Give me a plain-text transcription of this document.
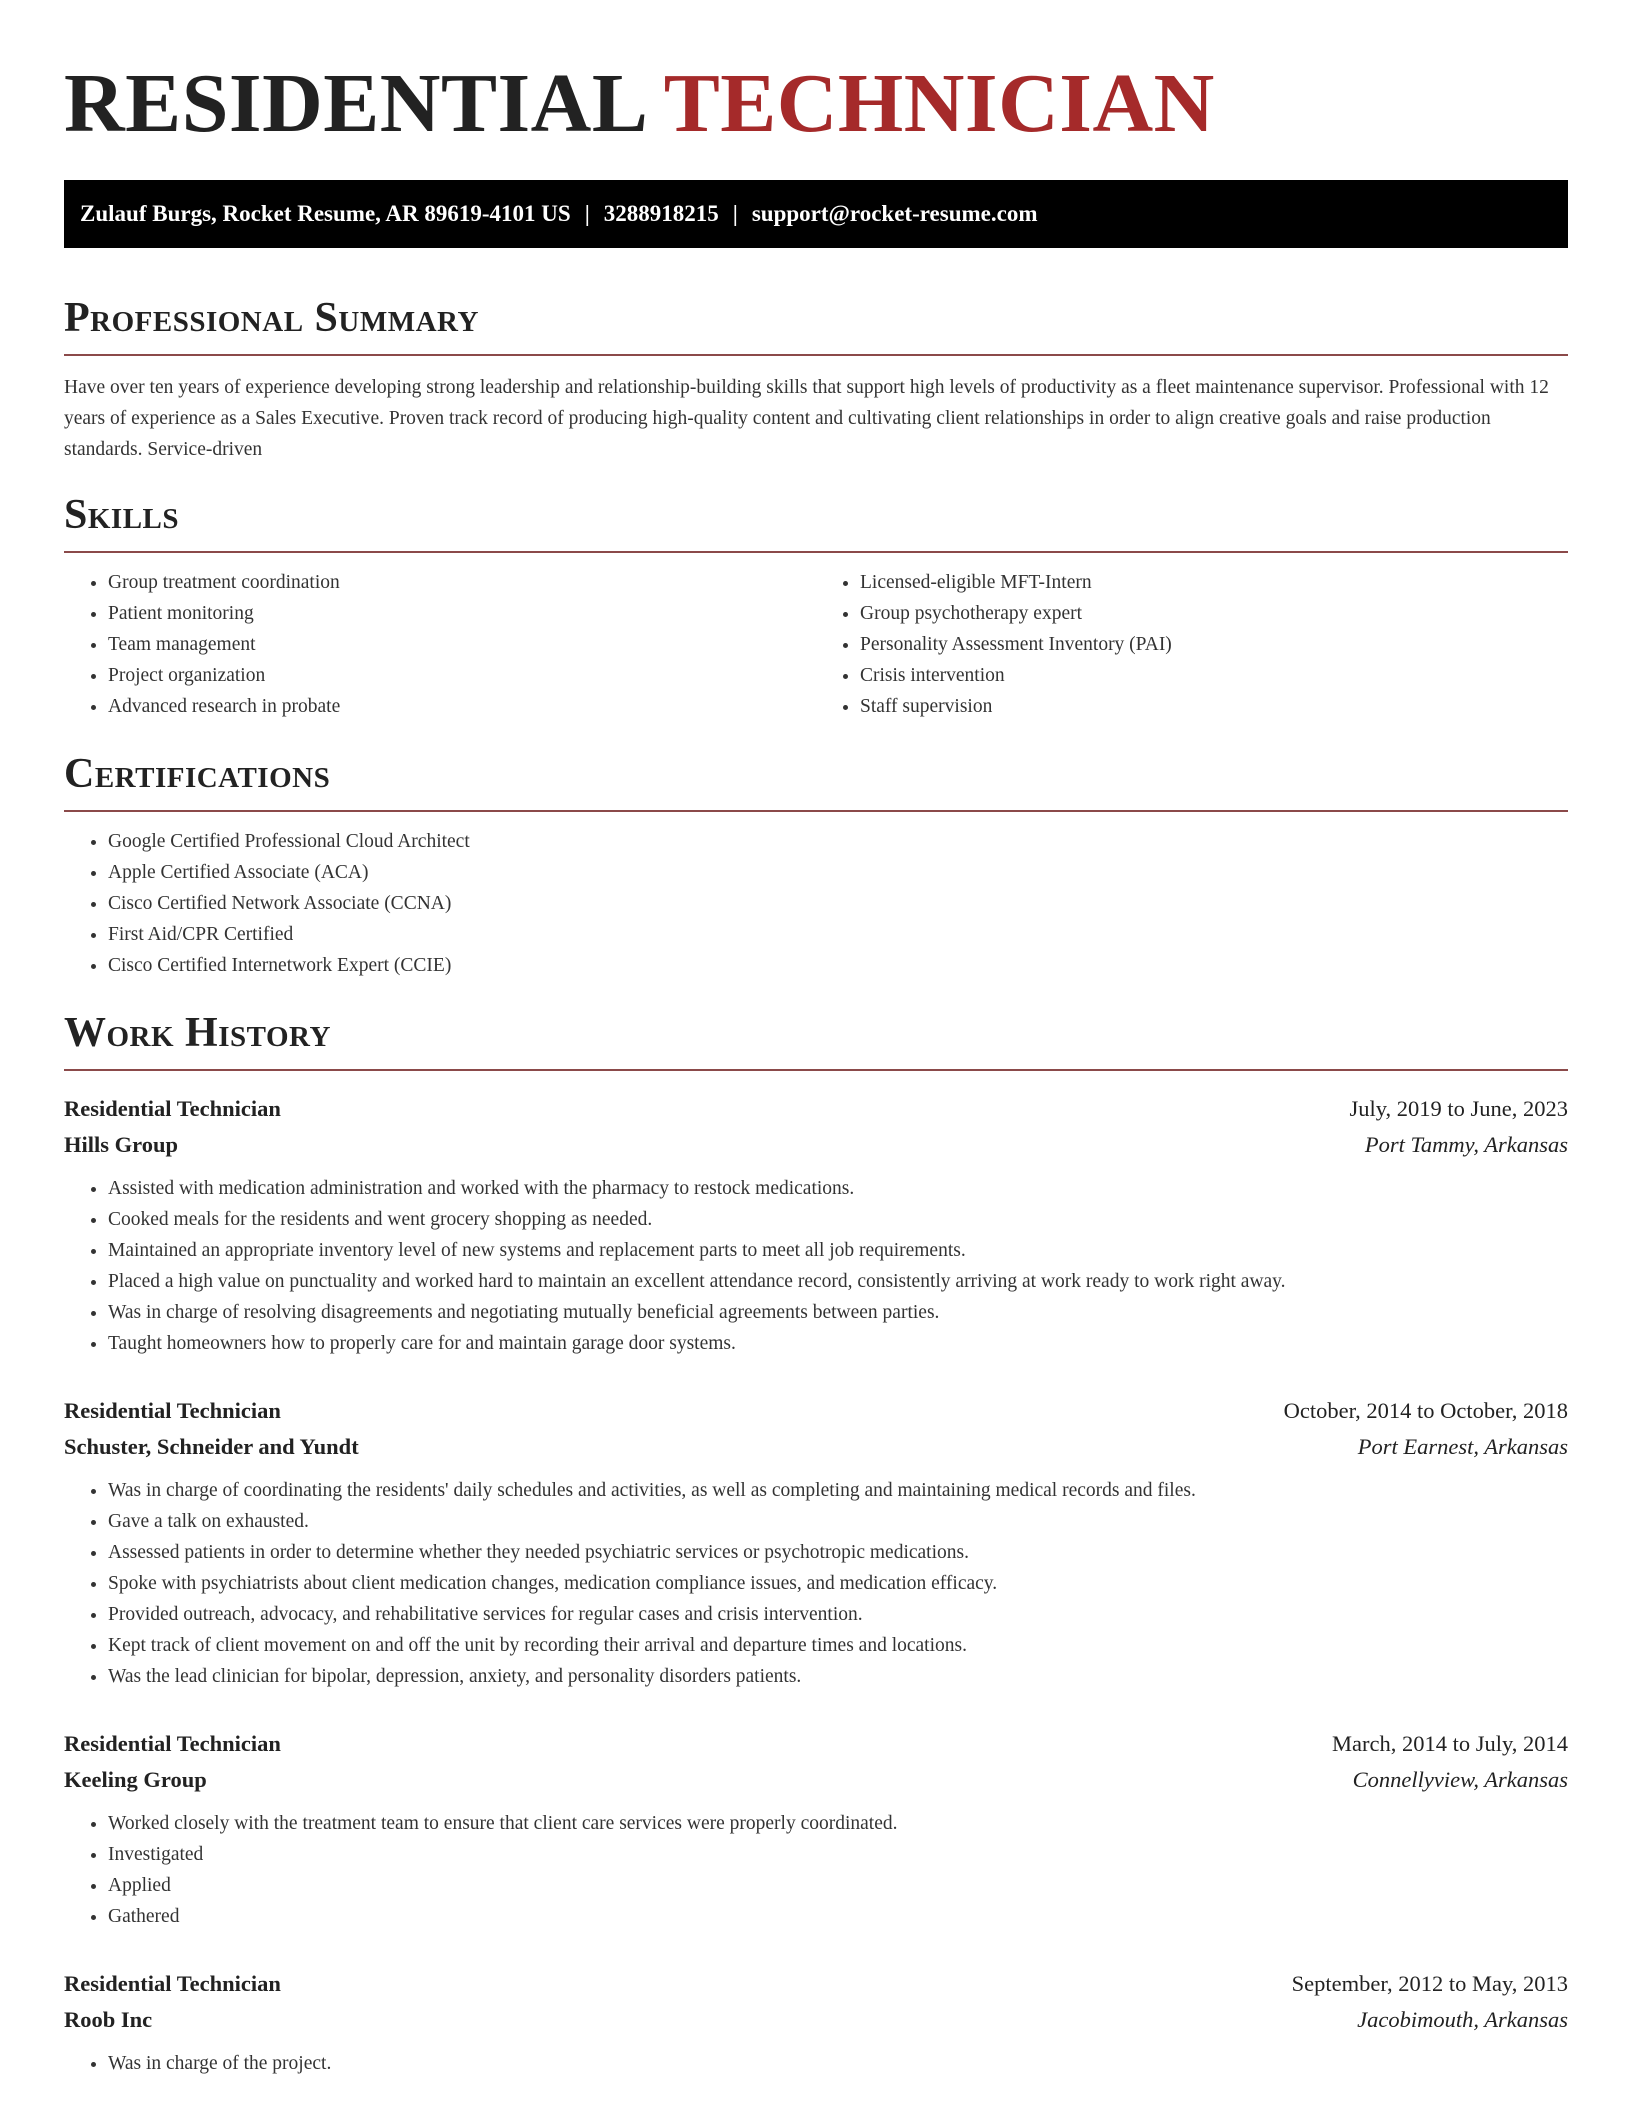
RESIDENTIAL TECHNICIAN
Zulauf Burgs, Rocket Resume, AR 89619-4101 US | 3288918215 | support@rocket-resume.com
Professional Summary

Have over ten years of experience developing strong leadership and relationship-building skills that support high levels of productivity as a fleet maintenance supervisor. Professional with 12 years of experience as a Sales Executive. Proven track record of producing high-quality content and cultivating client relationships in order to align creative goals and raise production standards. Service-driven

Skills
• Group treatment coordination
• Patient monitoring
• Team management
• Project organization
• Advanced research in probate
• Licensed-eligible MFT-Intern
• Group psychotherapy expert
• Personality Assessment Inventory (PAI)
• Crisis intervention
• Staff supervision
Certifications
• Google Certified Professional Cloud Architect
• Apple Certified Associate (ACA)
• Cisco Certified Network Associate (CCNA)
• First Aid/CPR Certified
• Cisco Certified Internetwork Expert (CCIE)
Work History
Residential Technician	July, 2019 to June, 2023
Hills Group	Port Tammy, Arkansas
• Assisted with medication administration and worked with the pharmacy to restock medications.
• Cooked meals for the residents and went grocery shopping as needed.
• Maintained an appropriate inventory level of new systems and replacement parts to meet all job requirements.
• Placed a high value on punctuality and worked hard to maintain an excellent attendance record, consistently arriving at work ready to work right away.
• Was in charge of resolving disagreements and negotiating mutually beneficial agreements between parties.
• Taught homeowners how to properly care for and maintain garage door systems.
Residential Technician	October, 2014 to October, 2018
Schuster, Schneider and Yundt	Port Earnest, Arkansas
• Was in charge of coordinating the residents' daily schedules and activities, as well as completing and maintaining medical records and files.
• Gave a talk on exhausted.
• Assessed patients in order to determine whether they needed psychiatric services or psychotropic medications.
• Spoke with psychiatrists about client medication changes, medication compliance issues, and medication efficacy.
• Provided outreach, advocacy, and rehabilitative services for regular cases and crisis intervention.
• Kept track of client movement on and off the unit by recording their arrival and departure times and locations.
• Was the lead clinician for bipolar, depression, anxiety, and personality disorders patients.
Residential Technician	March, 2014 to July, 2014
Keeling Group	Connellyview, Arkansas
• Worked closely with the treatment team to ensure that client care services were properly coordinated.
• Investigated
• Applied
• Gathered
Residential Technician	September, 2012 to May, 2013
Roob Inc	Jacobimouth, Arkansas
• Was in charge of the project.
